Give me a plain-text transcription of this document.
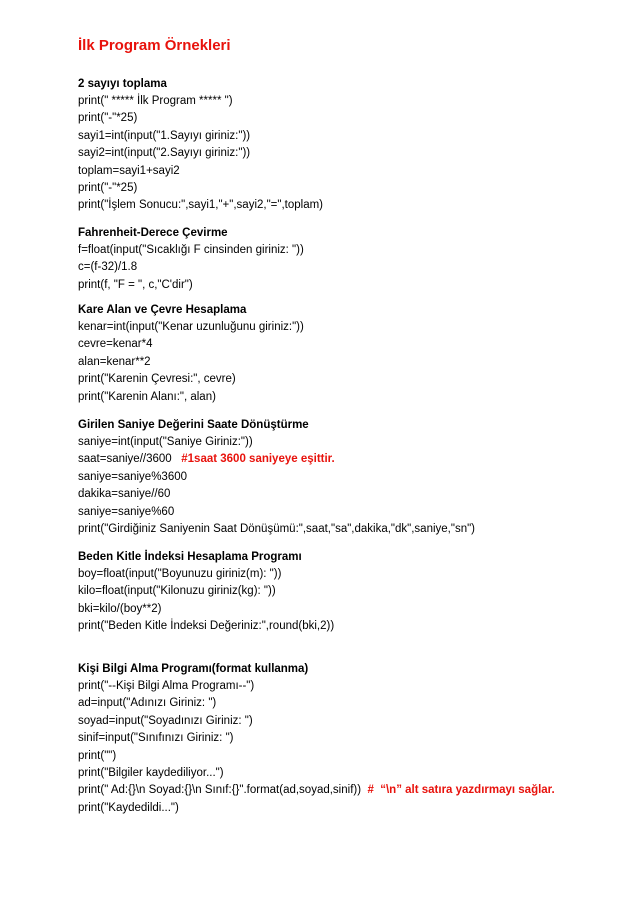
İlk Program Örnekleri
2 sayıyı toplama
print(" ***** İlk Program ***** ")
print("-"*25)
sayi1=int(input("1.Sayıyı giriniz:"))
sayi2=int(input("2.Sayıyı giriniz:"))
toplam=sayi1+sayi2
print("-"*25)
print("İşlem Sonucu:",sayi1,"+",sayi2,"=",toplam)
Fahrenheit-Derece Çevirme
f=float(input("Sıcaklığı F cinsinden giriniz: "))
c=(f-32)/1.8
print(f, "F = ", c,"C'dir")
Kare Alan ve Çevre Hesaplama
kenar=int(input("Kenar uzunluğunu giriniz:"))
cevre=kenar*4
alan=kenar**2
print("Karenin Çevresi:", cevre)
print("Karenin Alanı:", alan)
Girilen Saniye Değerini Saate Dönüştürme
saniye=int(input("Saniye Giriniz:"))
saat=saniye//3600   #1saat 3600 saniyeye eşittir.
saniye=saniye%3600
dakika=saniye//60
saniye=saniye%60
print("Girdiğiniz Saniyenin Saat Dönüşümü:",saat,"sa",dakika,"dk",saniye,"sn")
Beden Kitle İndeksi Hesaplama Programı
boy=float(input("Boyunuzu giriniz(m): "))
kilo=float(input("Kilonuzu giriniz(kg): "))
bki=kilo/(boy**2)
print("Beden Kitle İndeksi Değeriniz:",round(bki,2))
Kişi Bilgi Alma Programı(format kullanma)
print("--Kişi Bilgi Alma Programı--")
ad=input("Adınızı Giriniz: ")
soyad=input("Soyadınızı Giriniz: ")
sinif=input("Sınıfınızı Giriniz: ")
print("")
print("Bilgiler kaydediliyor...")
print(" Ad:{}\n Soyad:{}\n Sınıf:{}".format(ad,soyad,sinif))  #  “\n” alt satıra yazdırmayı sağlar.
print("Kaydedildi...")
